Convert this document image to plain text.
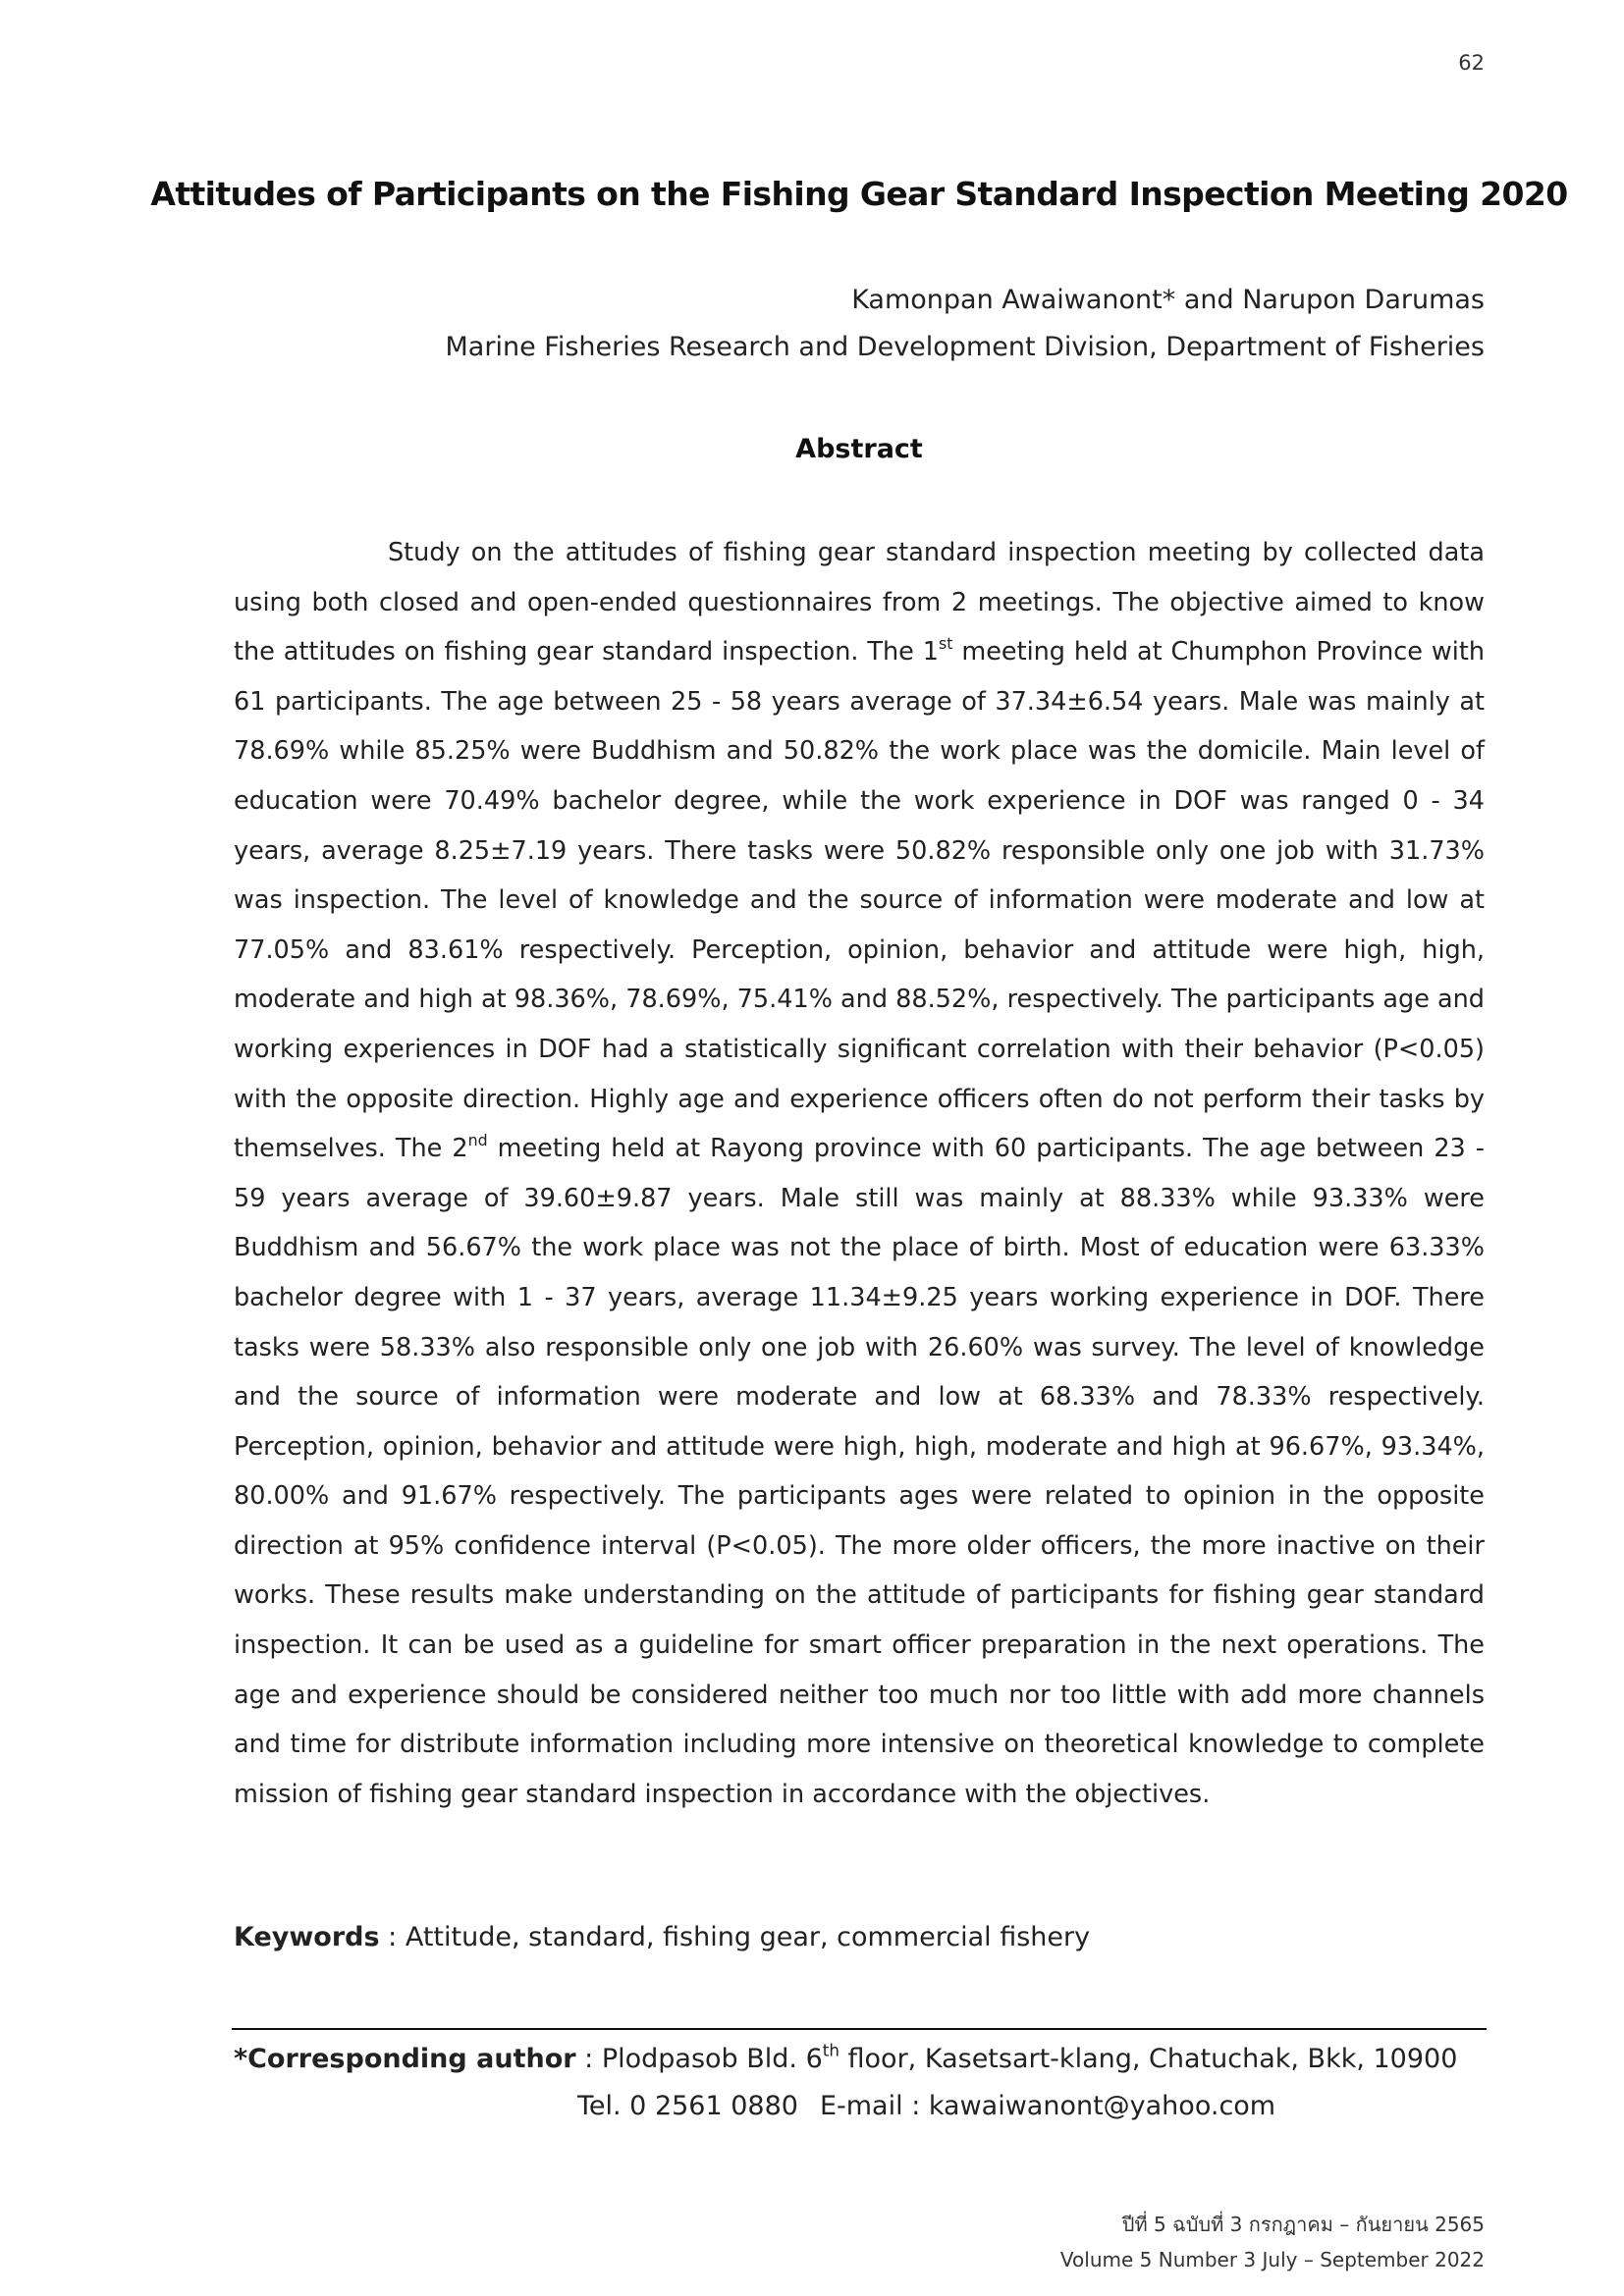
62
Attitudes of Participants on the Fishing Gear Standard Inspection Meeting 2020
Kamonpan Awaiwanont* and Narupon Darumas
Marine Fisheries Research and Development Division, Department of Fisheries
Abstract

Study on the attitudes of fishing gear standard inspection meeting by collected data using both closed and open-ended questionnaires from 2 meetings. The objective aimed to know the attitudes on fishing gear standard inspection. The 1st meeting held at Chumphon Province with 61 participants. The age between 25 - 58 years average of 37.34±6.54 years. Male was mainly at 78.69% while 85.25% were Buddhism and 50.82% the work place was the domicile. Main level of education were 70.49% bachelor degree, while the work experience in DOF was ranged 0 - 34 years, average 8.25±7.19 years. There tasks were 50.82% responsible only one job with 31.73% was inspection. The level of knowledge and the source of information were moderate and low at 77.05% and 83.61% respectively. Perception, opinion, behavior and attitude were high, high, moderate and high at 98.36%, 78.69%, 75.41% and 88.52%, respectively. The participants age and working experiences in DOF had a statistically significant correlation with their behavior (P<0.05) with the opposite direction. Highly age and experience officers often do not perform their tasks by themselves. The 2nd meeting held at Rayong province with 60 participants. The age between 23 - 59 years average of 39.60±9.87 years. Male still was mainly at 88.33% while 93.33% were Buddhism and 56.67% the work place was not the place of birth. Most of education were 63.33% bachelor degree with 1 - 37 years, average 11.34±9.25 years working experience in DOF. There tasks were 58.33% also responsible only one job with 26.60% was survey. The level of knowledge and the source of information were moderate and low at 68.33% and 78.33% respectively. Perception, opinion, behavior and attitude were high, high, moderate and high at 96.67%, 93.34%, 80.00% and 91.67% respectively. The participants ages were related to opinion in the opposite direction at 95% confidence interval (P<0.05). The more older officers, the more inactive on their works. These results make understanding on the attitude of participants for fishing gear standard inspection. It can be used as a guideline for smart officer preparation in the next operations. The age and experience should be considered neither too much nor too little with add more channels and time for distribute information including more intensive on theoretical knowledge to complete mission of fishing gear standard inspection in accordance with the objectives.

Keywords : Attitude, standard, fishing gear, commercial fishery
*Corresponding author : Plodpasob Bld. 6th floor, Kasetsart-klang, Chatuchak, Bkk, 10900
Tel. 0 2561 0880 E-mail : kawaiwanont@yahoo.com
ปีที่ 5 ฉบับที่ 3 กรกฎาคม – กันยายน 2565
Volume 5 Number 3 July – September 2022
